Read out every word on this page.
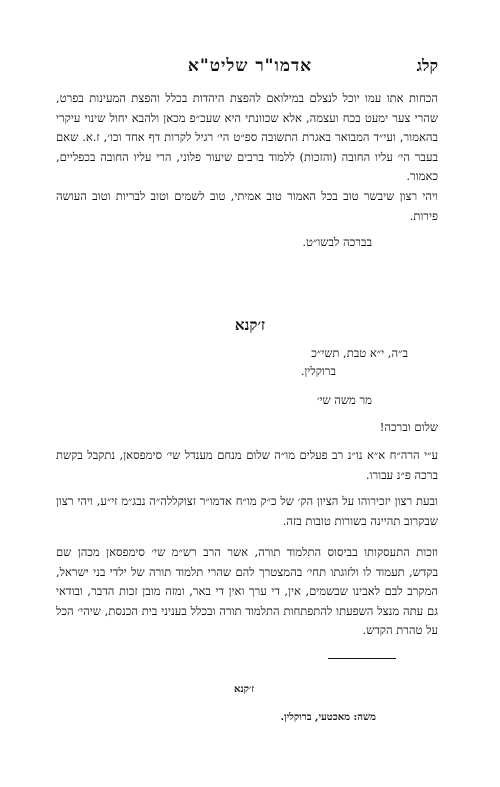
אדמו"ר שליט"א	קלג

הכחות אתו עמו יוכל לנצלם במילואם להפצת היהדות בכלל והפצת המעינות בפרט, שהרי צער ימעט בכח ועצמה, אלא שכוונתי היא שעכ״פ מכאן ולהבא יחול שינוי עיקרי בהאמור, ועי״ד המבואר באגרת התשובה ספ״ט הי׳ רגיל לקרות דף אחד וכו׳, ז.א. שאם בעבר הי׳ עליו החובה (והזכות) ללמוד ברבים שיעור פלוני, הרי עליו החובה בכפליים, כאמור.

ויהי רצון שיבשר טוב בכל האמור טוב אמיתי, טוב לשמים וטוב לבריות וטוב העושה פירות.

בברכה לבשו״ט.
ז׳קנא
ב״ה, י״א טבת, תשי״כ
ברוקלין.
מר משה שי׳
שלום וברכה!

ע״י הרה״ח א״א נו״נ רב פעלים מו״ה שלום מנחם מענדל שי׳ סימפסאן, נתקבל בקשת ברכה פ״נ עבורו.

ובעת רצון יזכירוהו על הציון הק׳ של כ״ק מו״ח אדמו״ר זצוקללה״ה נבג״מ זי״ע, ויהי רצון שבקרוב תהיינה בשורות טובות בזה.

וזכות התעסקותו בביסוס התלמוד תורה, אשר הרב רש״מ שי׳ סימפסאן מכהן שם בקדש, תעמוד לו ולזוגתו תחי׳ בהמצטרך להם שהרי תלמוד תורה של ילדי בני ישראל, המקרב לבם לאבינו שבשמים, אין, די ערך ואין די באר, ומזה מובן זכות הדבר, ובודאי גם עתה מנצל השפעתו להתפתחות התלמוד תורה ובכלל בעניני בית הכנסת, שיהי׳ הכל על טהרת הקדש.

ז׳קנא
משה: מאכטעי, ברוקלין.
